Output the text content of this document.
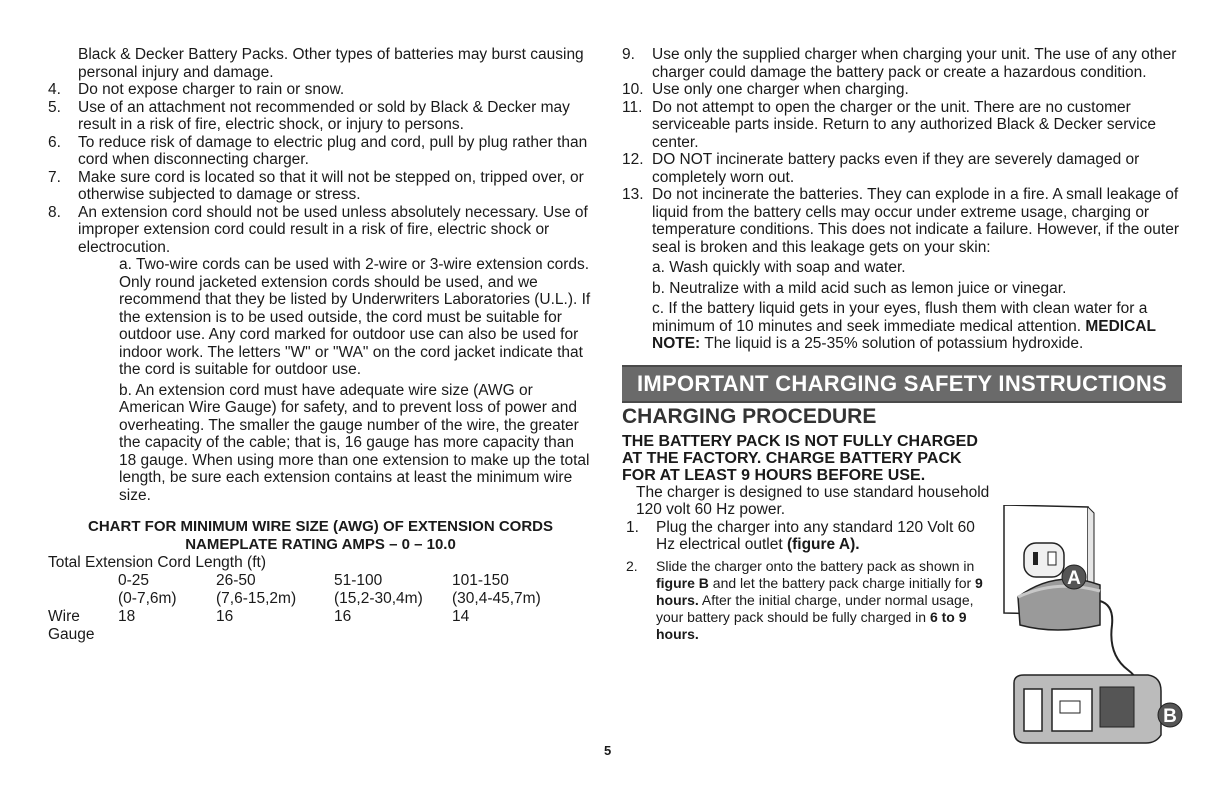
Black & Decker Battery Packs. Other types of batteries may burst causing personal injury and damage.

4.	Do not expose charger to rain or snow.
5.	Use of an attachment not recommended or sold by Black & Decker may result in a risk of fire, electric shock, or injury to persons.
6.	To reduce risk of damage to electric plug and cord, pull by plug rather than cord when disconnecting charger.
7.	Make sure cord is located so that it will not be stepped on, tripped over, or otherwise subjected to damage or stress.
8.	An extension cord should not be used unless absolutely necessary. Use of improper extension cord could result in a risk of fire, electric shock or electrocution.
a. Two-wire cords can be used with 2-wire or 3-wire extension cords. Only round jacketed extension cords should be used, and we recommend that they be listed by Underwriters Laboratories (U.L.). If the extension is to be used outside, the cord must be suitable for outdoor use. Any cord marked for outdoor use can also be used for indoor work. The letters "W" or "WA" on the cord jacket indicate that the cord is suitable for outdoor use.
b. An extension cord must have adequate wire size (AWG or American Wire Gauge) for safety, and to prevent loss of power and overheating. The smaller the gauge number of the wire, the greater the capacity of the cable; that is, 16 gauge has more capacity than 18 gauge. When using more than one extension to make up the total length, be sure each extension contains at least the minimum wire size.
CHART FOR MINIMUM WIRE SIZE (AWG) OF EXTENSION CORDS
NAMEPLATE RATING AMPS – 0 – 10.0
Total Extension Cord Length (ft)
0-25	26-50	51-100	101-150
(0-7,6m)	(7,6-15,2m)	(15,2-30,4m)	(30,4-45,7m)
Wire	18	16	16	14
Gauge
9.	Use only the supplied charger when charging your unit. The use of any other charger could damage the battery pack or create a hazardous condition.
10. Use only one charger when charging.
11. Do not attempt to open the charger or the unit. There are no customer serviceable parts inside. Return to any authorized Black & Decker service center.
12. DO NOT incinerate battery packs even if they are severely damaged or completely worn out.
13. Do not incinerate the batteries. They can explode in a fire. A small leakage of liquid from the battery cells may occur under extreme usage, charging or temperature conditions. This does not indicate a failure. However, if the outer seal is broken and this leakage gets on your skin:
a. Wash quickly with soap and water.
b. Neutralize with a mild acid such as lemon juice or vinegar.
c. If the battery liquid gets in your eyes, flush them with clean water for a minimum of 10 minutes and seek immediate medical attention. MEDICAL NOTE: The liquid is a 25-35% solution of potassium hydroxide.
IMPORTANT CHARGING SAFETY INSTRUCTIONS
CHARGING PROCEDURE
THE BATTERY PACK IS NOT FULLY CHARGED AT THE FACTORY. CHARGE BATTERY PACK FOR AT LEAST 9 HOURS BEFORE USE.

The charger is designed to use standard household 120 volt 60 Hz power.

1.	Plug the charger into any standard 120 Volt 60 Hz electrical outlet (figure A).
2.	Slide the charger onto the battery pack as shown in figure B and let the battery pack charge initially for 9 hours. After the initial charge, under normal usage, your battery pack should be fully charged in 6 to 9 hours.
A
B
5
